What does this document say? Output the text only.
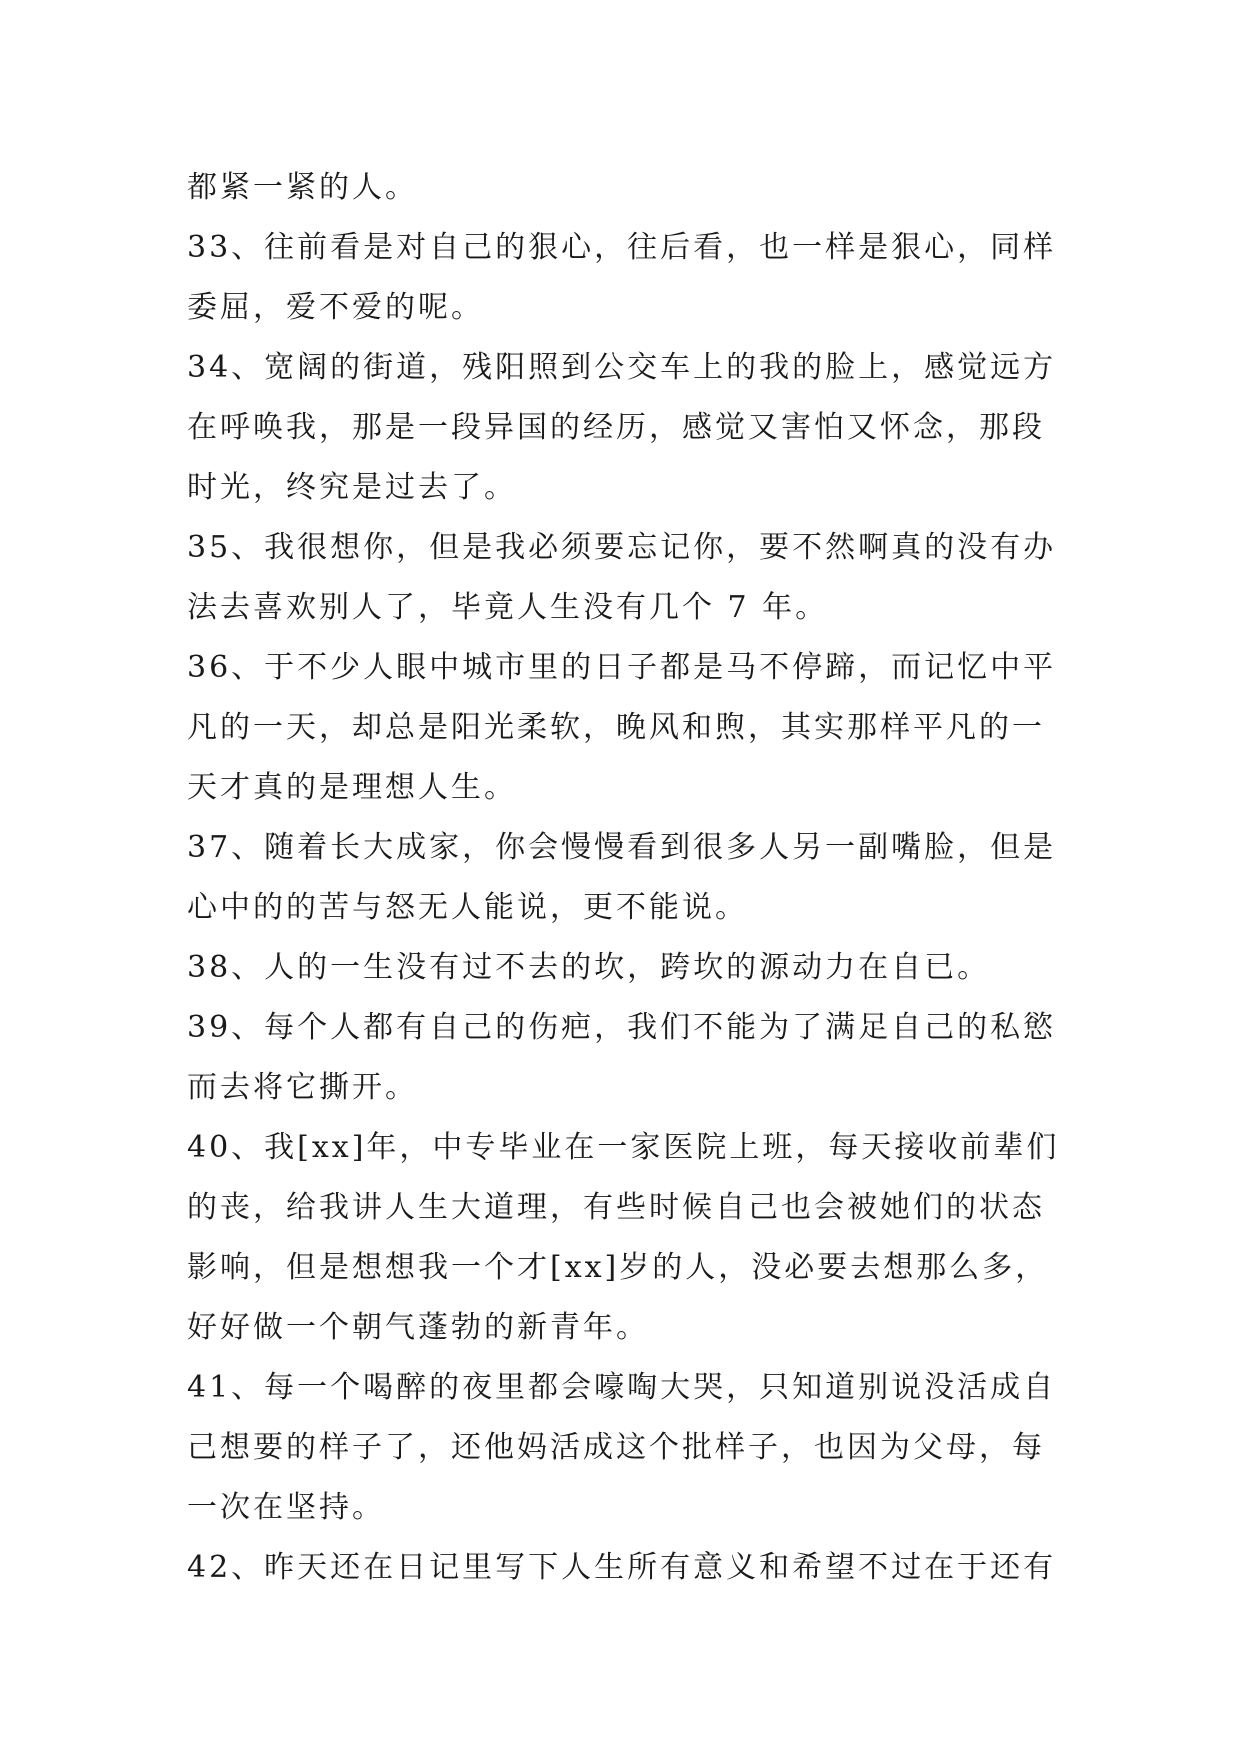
都紧一紧的人。
33、往前看是对自己的狠心，往后看，也一样是狠心，同样
委屈，爱不爱的呢。
34、宽阔的街道，残阳照到公交车上的我的脸上，感觉远方
在呼唤我，那是一段异国的经历，感觉又害怕又怀念，那段
时光，终究是过去了。
35、我很想你，但是我必须要忘记你，要不然啊真的没有办
法去喜欢别人了，毕竟人生没有几个 7 年。
36、于不少人眼中城市里的日子都是马不停蹄，而记忆中平
凡的一天，却总是阳光柔软，晚风和煦，其实那样平凡的一
天才真的是理想人生。
37、随着长大成家，你会慢慢看到很多人另一副嘴脸，但是
心中的的苦与怒无人能说，更不能说。
38、人的一生没有过不去的坎，跨坎的源动力在自已。
39、每个人都有自己的伤疤，我们不能为了满足自己的私慾
而去将它撕开。
40、我[xx]年，中专毕业在一家医院上班，每天接收前辈们
的丧，给我讲人生大道理，有些时候自己也会被她们的状态
影响，但是想想我一个才[xx]岁的人，没必要去想那么多，
好好做一个朝气蓬勃的新青年。
41、每一个喝醉的夜里都会嚎啕大哭，只知道别说没活成自
己想要的样子了，还他妈活成这个批样子，也因为父母，每
一次在坚持。
42、昨天还在日记里写下人生所有意义和希望不过在于还有
